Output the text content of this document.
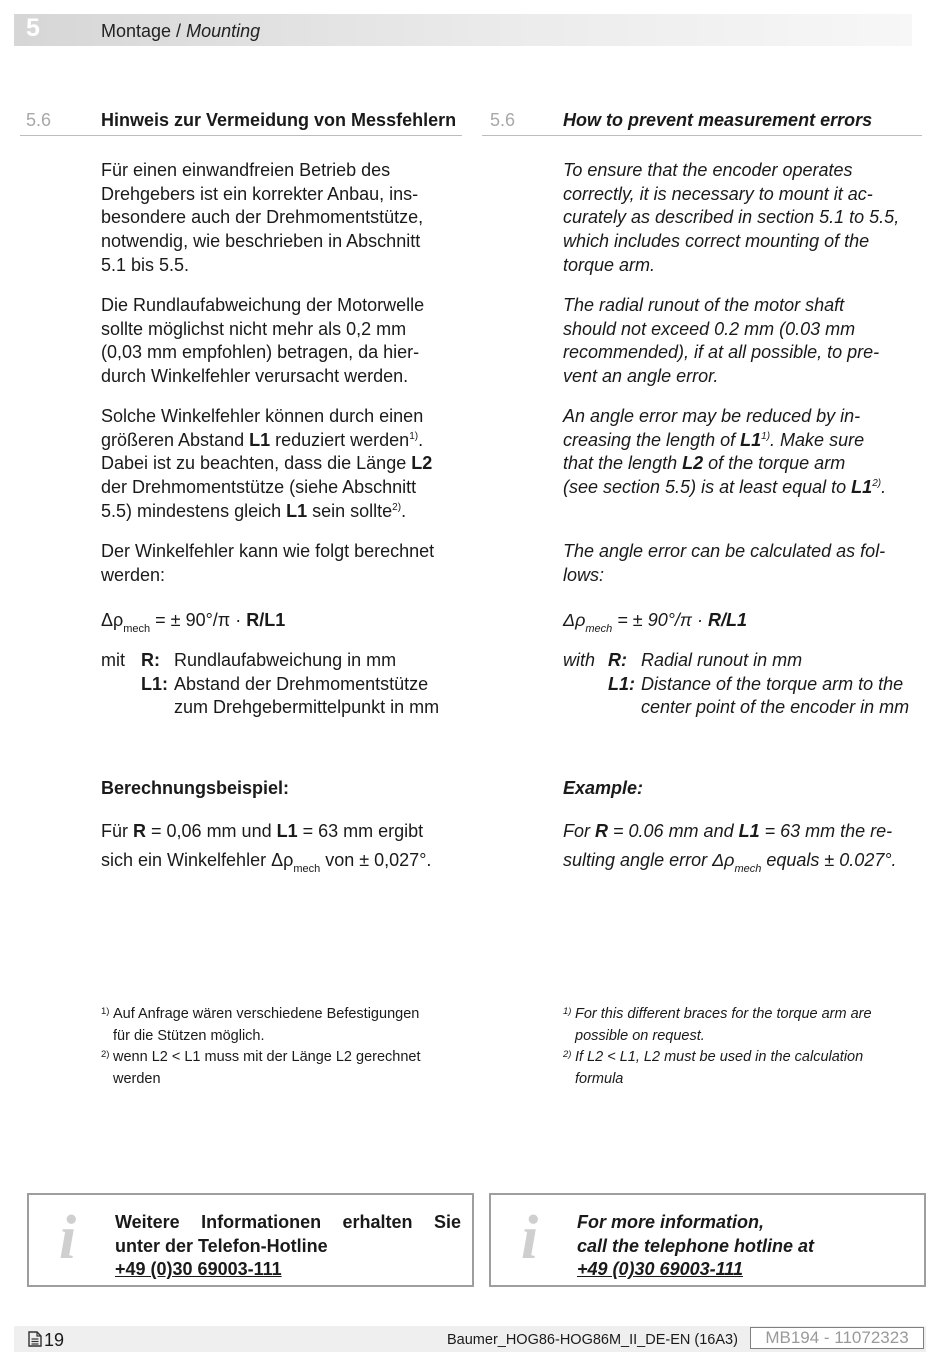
5	Montage / Mounting
5.6	Hinweis zur Vermeidung von Messfehlern 5.6	How to prevent measurement errors
Für einen einwandfreien Betrieb des
Drehgebers ist ein korrekter Anbau, ins-
besondere auch der Drehmomentstütze,
notwendig, wie beschrieben in Abschnitt
5.1 bis 5.5.
Die Rundlaufabweichung der Motorwelle
sollte möglichst nicht mehr als 0,2 mm
(0,03 mm empfohlen) betragen, da hier-
durch Winkelfehler verursacht werden.
Solche Winkelfehler können durch einen
größeren Abstand L1 reduziert werden$^{1)}$.
Dabei ist zu beachten, dass die Länge L2
der Drehmomentstütze (siehe Abschnitt
5.5) mindestens gleich L1 sein sollte$^{2)}$.
Der Winkelfehler kann wie folgt berechnet
werden:
$\Delta\rho_{mech}$ = ± 90°/π · R/L1
mit	R:	Rundlaufabweichung in mm
	L1:	Abstand der Drehmomentstütze
		zum Drehgebermittelpunkt in mm
Berechnungsbeispiel:
Für R = 0,06 mm und L1 = 63 mm ergibt
sich ein Winkelfehler $\Delta\rho_{mech}$ von ± 0,027°.
1) Auf Anfrage wären verschiedene Befestigungen
für die Stützen möglich.
2) wenn L2 < L1 muss mit der Länge L2 gerechnet
werden
To ensure that the encoder operates
correctly, it is necessary to mount it ac-
curately as described in section 5.1 to 5.5,
which includes correct mounting of the
torque arm.
The radial runout of the motor shaft
should not exceed 0.2 mm (0.03 mm
recommended), if at all possible, to pre-
vent an angle error.
An angle error may be reduced by in-
creasing the length of L1$^{1)}$. Make sure
that the length L2 of the torque arm
(see section 5.5) is at least equal to L1$^{2)}$.
The angle error can be calculated as fol-
lows:
$\Delta\rho_{mech}$ = ± 90°/π · R/L1
with	R:	Radial runout in mm
	L1:	Distance of the torque arm to the
		center point of the encoder in mm
Example:
For R = 0.06 mm and L1 = 63 mm the re-
sulting angle error $\Delta\rho_{mech}$ equals ± 0.027°.
1) For this different braces for the torque arm are
possible on request.
2) If L2 < L1, L2 must be used in the calculation
formula
i Weitere Informationen erhalten Sie
unter der Telefon-Hotline
+49 (0)30 69003-111	i For more information,
call the telephone hotline at
+49 (0)30 69003-111
19	Baumer_HOG86-HOG86M_II_DE-EN (16A3)	MB194 - 11072323
